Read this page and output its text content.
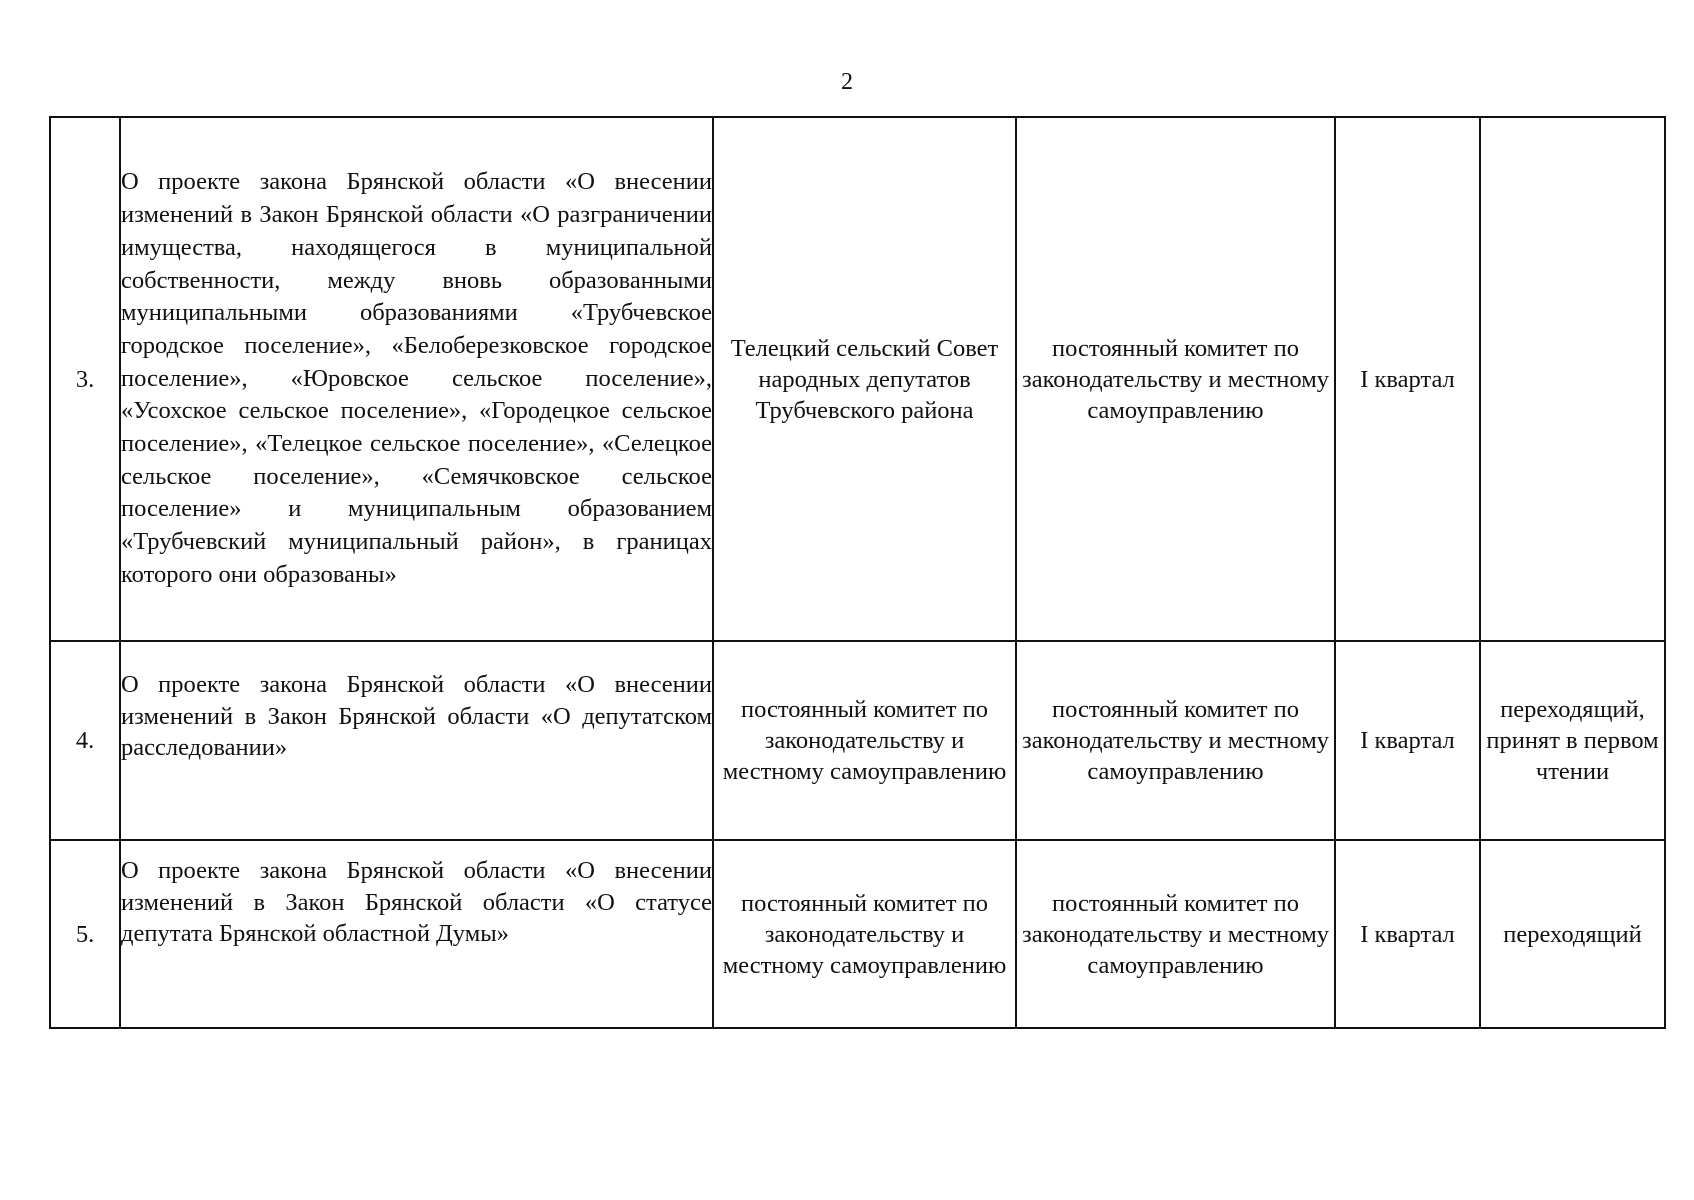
2
3.	О проекте закона Брянской области «О внесении изменений в Закон Брянской области «О разграничении имущества, находящегося в муниципальной собственности, между вновь образованными муниципальными образованиями «Трубчевское городское поселение», «Белоберезковское городское поселение», «Юровское сельское поселение», «Усохское сельское поселение», «Городецкое сельское поселение», «Телецкое сельское поселение», «Селецкое сельское поселение», «Семячковское сельское поселение» и муниципальным образованием «Трубчевский муниципальный район», в границах которого они образованы»	Телецкий сельский Совет народных депутатов Трубчевского района	постоянный комитет по законодательству и местному самоуправлению	I квартал	
4.	О проекте закона Брянской области «О внесении изменений в Закон Брянской области «О депутатском расследовании»	постоянный комитет по законодательству и местному самоуправлению	постоянный комитет по законодательству и местному самоуправлению	I квартал	переходящий, принят в первом чтении

5.	О проекте закона Брянской области «О внесении изменений в Закон Брянской области «О статусе депутата Брянской областной Думы»	постоянный комитет по законодательству и местному самоуправлению	постоянный комитет по законодательству и местному самоуправлению	I квартал	переходящий
